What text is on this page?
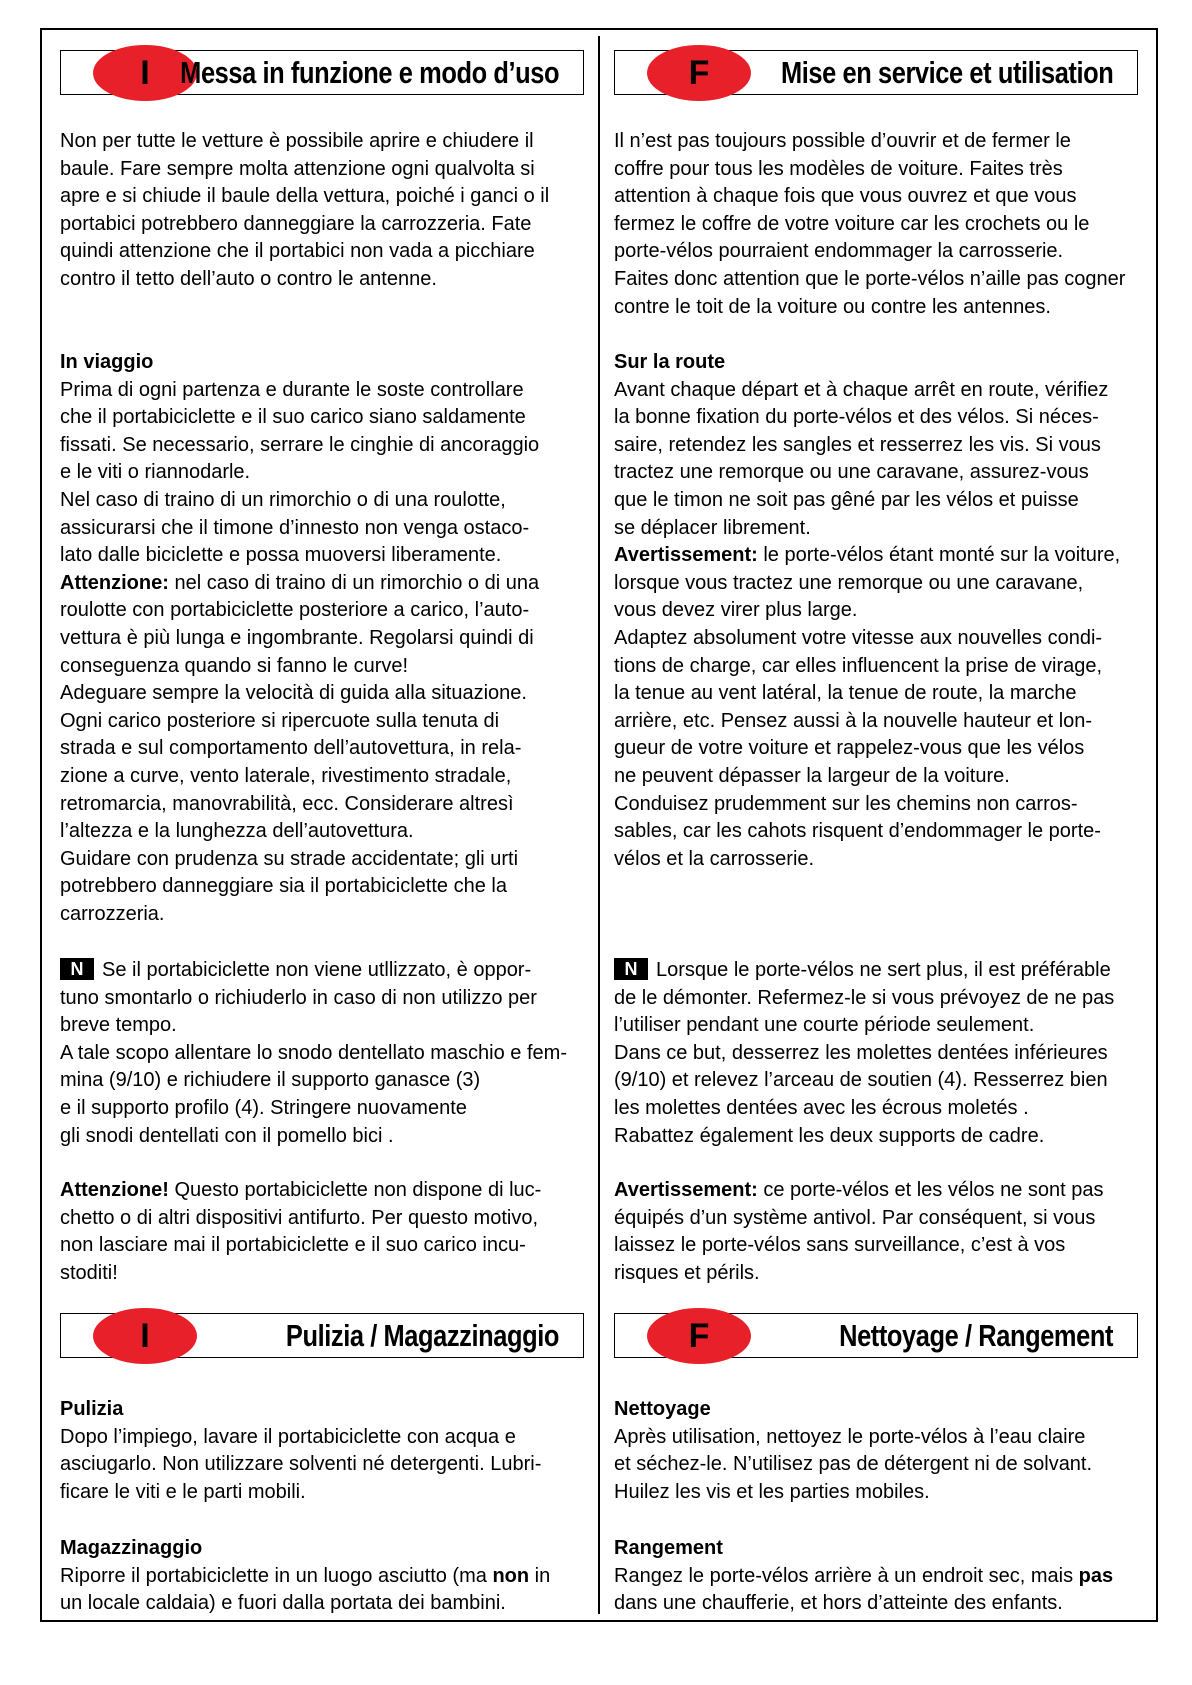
I Messa in funzione e modo d’uso

Non per tutte le vetture è possibile aprire e chiudere il

baule. Fare sempre molta attenzione ogni qualvolta si

apre e si chiude il baule della vettura, poiché i ganci o il

portabici potrebbero danneggiare la carrozzeria. Fate

quindi attenzione che il portabici non vada a picchiare

contro il tetto dell’auto o contro le antenne.

In viaggio

Prima di ogni partenza e durante le soste controllare

che il portabiciclette e il suo carico siano saldamente

fissati. Se necessario, serrare le cinghie di ancoraggio

e le viti o riannodarle.

Nel caso di traino di un rimorchio o di una roulotte,

assicurarsi che il timone d’innesto non venga ostaco-

lato dalle biciclette e possa muoversi liberamente.

Attenzione: nel caso di traino di un rimorchio o di una

roulotte con portabiciclette posteriore a carico, l’auto-

vettura è più lunga e ingombrante. Regolarsi quindi di

conseguenza quando si fanno le curve!

Adeguare sempre la velocità di guida alla situazione.

Ogni carico posteriore si ripercuote sulla tenuta di

strada e sul comportamento dell’autovettura, in rela-

zione a curve, vento laterale, rivestimento stradale,

retromarcia, manovrabilità, ecc. Considerare altresì

l’altezza e la lunghezza dell’autovettura.

Guidare con prudenza su strade accidentate; gli urti

potrebbero danneggiare sia il portabiciclette che la

carrozzeria.

N Se il portabiciclette non viene utllizzato, è oppor-

tuno smontarlo o richiuderlo in caso di non utilizzo per

breve tempo.

A tale scopo allentare lo snodo dentellato maschio e fem-

mina (9/10) e richiudere il supporto ganasce (3)

e il supporto profilo (4). Stringere nuovamente

gli snodi dentellati con il pomello bici .

Attenzione! Questo portabiciclette non dispone di luc-

chetto o di altri dispositivi antifurto. Per questo motivo,

non lasciare mai il portabiciclette e il suo carico incu-

stoditi!

I	Pulizia / Magazzinaggio

Pulizia

Dopo l’impiego, lavare il portabiciclette con acqua e

asciugarlo. Non utilizzare solventi né detergenti. Lubri-

ficare le viti e le parti mobili.

Magazzinaggio

Riporre il portabiciclette in un luogo asciutto (ma non in

un locale caldaia) e fuori dalla portata dei bambini.

F	Mise en service et utilisation

Il n’est pas toujours possible d’ouvrir et de fermer le

coffre pour tous les modèles de voiture. Faites très

attention à chaque fois que vous ouvrez et que vous

fermez le coffre de votre voiture car les crochets ou le

porte-vélos pourraient endommager la carrosserie.

Faites donc attention que le porte-vélos n’aille pas cogner

contre le toit de la voiture ou contre les antennes.

Sur la route

Avant chaque départ et à chaque arrêt en route, vérifiez

la bonne fixation du porte-vélos et des vélos. Si néces-

saire, retendez les sangles et resserrez les vis. Si vous

tractez une remorque ou une caravane, assurez-vous

que le timon ne soit pas gêné par les vélos et puisse

se déplacer librement.

Avertissement: le porte-vélos étant monté sur la voiture,

lorsque vous tractez une remorque ou une caravane,

vous devez virer plus large.

Adaptez absolument votre vitesse aux nouvelles condi-

tions de charge, car elles influencent la prise de virage,

la tenue au vent latéral, la tenue de route, la marche

arrière, etc. Pensez aussi à la nouvelle hauteur et lon-

gueur de votre voiture et rappelez-vous que les vélos

ne peuvent dépasser la largeur de la voiture.

Conduisez prudemment sur les chemins non carros-

sables, car les cahots risquent d’endommager le porte-

vélos et la carrosserie.

N Lorsque le porte-vélos ne sert plus, il est préférable

de le démonter. Refermez-le si vous prévoyez de ne pas

l’utiliser pendant une courte période seulement.

Dans ce but, desserrez les molettes dentées inférieures

(9/10) et relevez l’arceau de soutien (4). Resserrez bien

les molettes dentées avec les écrous moletés .

Rabattez également les deux supports de cadre.

Avertissement: ce porte-vélos et les vélos ne sont pas

équipés d’un système antivol. Par conséquent, si vous

laissez le porte-vélos sans surveillance, c’est à vos

risques et périls.

F	Nettoyage / Rangement

Nettoyage

Après utilisation, nettoyez le porte-vélos à l’eau claire

et séchez-le. N’utilisez pas de détergent ni de solvant.

Huilez les vis et les parties mobiles.

Rangement

Rangez le porte-vélos arrière à un endroit sec, mais pas

dans une chaufferie, et hors d’atteinte des enfants.
